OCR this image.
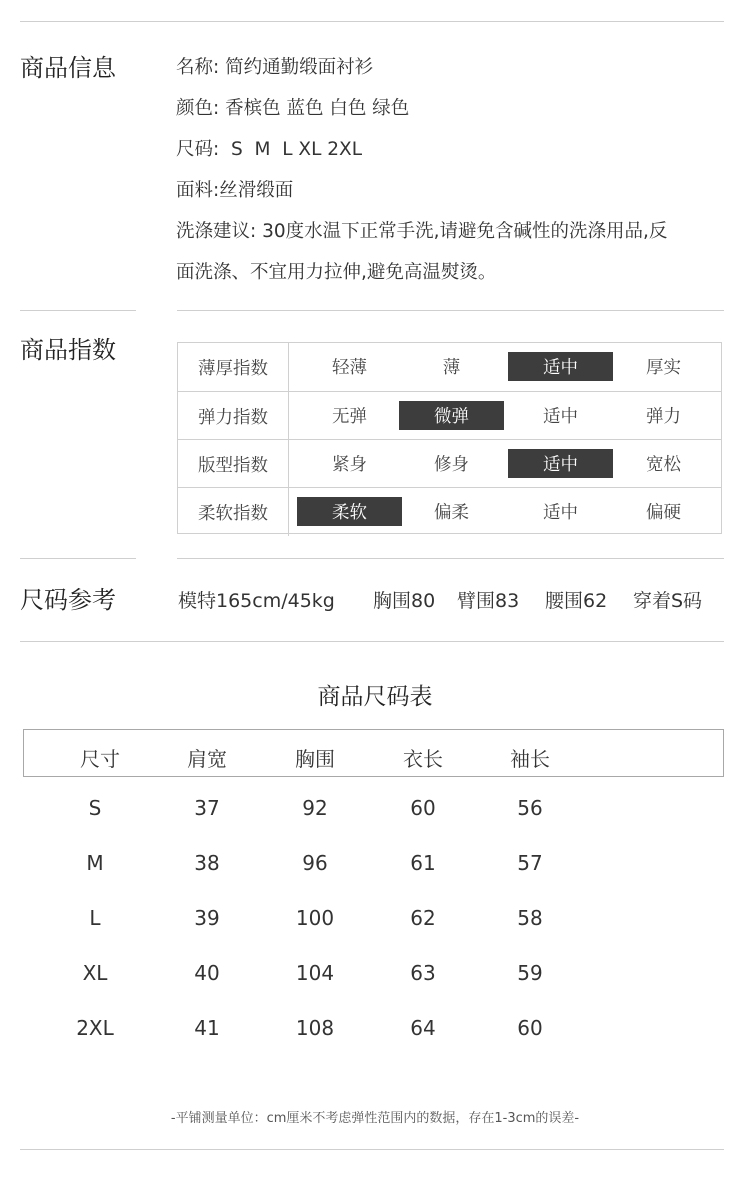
商品信息	名称: 简约通勤缎面衬衫
颜色: 香槟色 蓝色 白色 绿色
尺码:  S  M  L XL 2XL
面料:丝滑缎面
洗涤建议: 30度水温下正常手洗,请避免含碱性的洗涤用品,反
面洗涤、不宜用力拉伸,避免高温熨烫。
商品指数
薄厚指数	轻薄	薄	适中	厚实
弹力指数	无弹	微弹	适中	弹力
版型指数	紧身	修身	适中	宽松
柔软指数	柔软	偏柔	适中	偏硬
尺码参考	模特165cm/45kg 胸围80 臂围83 腰围62 穿着S码
商品尺码表
尺寸	肩宽	胸围	衣长	袖长
S	37	92	60	56
M	38	96	61	57
L	39	100	62	58
XL	40	104	63	59
2XL	41	108	64	60
-平铺测量单位：cm厘米不考虑弹性范围内的数据，存在1-3cm的误差-
